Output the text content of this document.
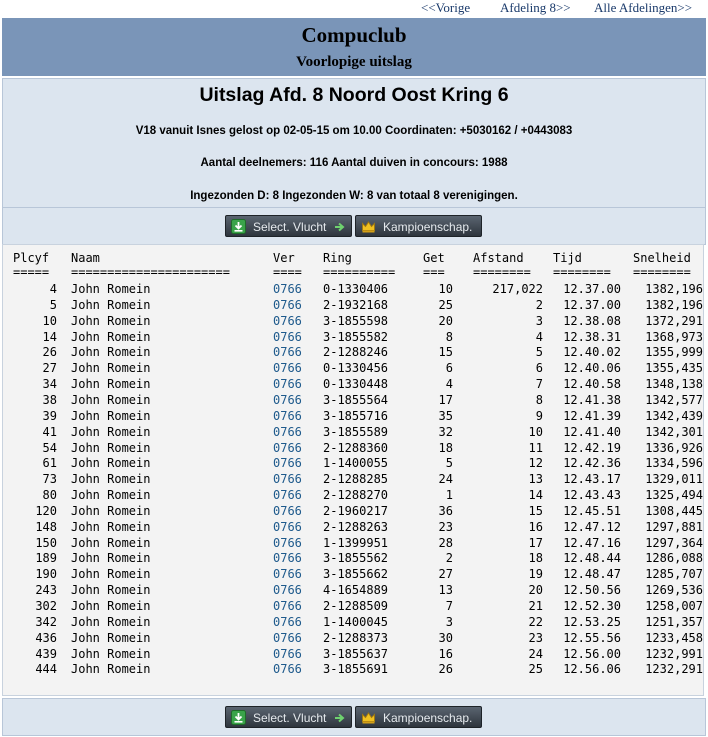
<<Vorige Afdeling 8>> Alle Afdelingen>>
Compuclub
Voorlopige uitslag
Uitslag Afd. 8 Noord Oost Kring 6
V18 vanuit Isnes gelost op 02-05-15 om 10.00 Coordinaten: +5030162 / +0443083
Aantal deelnemers: 116 Aantal duiven in concours: 1988
Ingezonden D: 8 Ingezonden W: 8 van totaal 8 verenigingen.
Select. Vlucht	Kampioenschap.
Plcyf Naam	Ver Ring	Get Afstand Tijd	Snelheid
===== ======================	==== ========== === ======== ======== ========
4 John Romein	0766	0-1330406	10	217,022	12.37.00	1382,196
5 John Romein	0766	2-1932168	25	2	12.37.00	1382,196
10 John Romein	0766	3-1855598	20	3	12.38.08	1372,291
14 John Romein	0766	3-1855582	8	4	12.38.31	1368,973
26 John Romein	0766	2-1288246	15	5	12.40.02	1355,999
27 John Romein	0766	0-1330456	6	6	12.40.06	1355,435
34 John Romein	0766	0-1330448	4	7	12.40.58	1348,138
38 John Romein	0766	3-1855564	17	8	12.41.38	1342,577
39 John Romein	0766	3-1855716	35	9	12.41.39	1342,439
41 John Romein	0766	3-1855589	32	10	12.41.40	1342,301
54 John Romein	0766	2-1288360	18	11	12.42.19	1336,926
61 John Romein	0766	1-1400055	5	12	12.42.36	1334,596
73 John Romein	0766	2-1288285	24	13	12.43.17	1329,011
80 John Romein	0766	2-1288270	1	14	12.43.43	1325,494
120 John Romein	0766	2-1960217	36	15	12.45.51	1308,445
148 John Romein	0766	2-1288263	23	16	12.47.12	1297,881
150 John Romein	0766	1-1399951	28	17	12.47.16	1297,364
189 John Romein	0766	3-1855562	2	18	12.48.44	1286,088
190 John Romein	0766	3-1855662	27	19	12.48.47	1285,707
243 John Romein	0766	4-1654889	13	20	12.50.56	1269,536
302 John Romein	0766	2-1288509	7	21	12.52.30	1258,007
342 John Romein	0766	1-1400045	3	22	12.53.25	1251,357
436 John Romein	0766	2-1288373	30	23	12.55.56	1233,458
439 John Romein	0766	3-1855637	16	24	12.56.00	1232,991
444 John Romein	0766	3-1855691	26	25	12.56.06	1232,291
Select. Vlucht	Kampioenschap.
